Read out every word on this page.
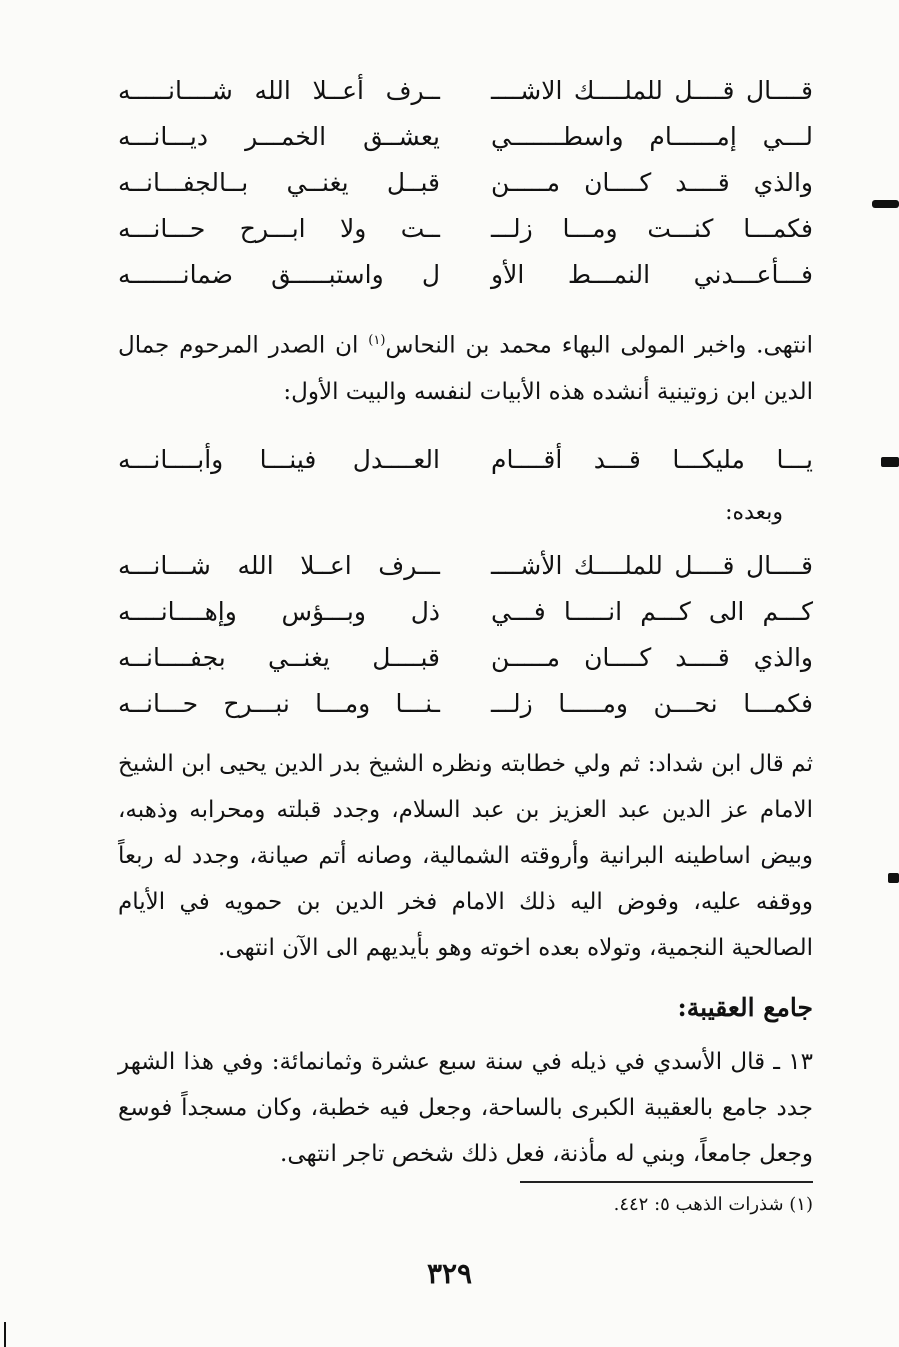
قــــال قــــل للملــــك الاشــــ
ــرف أعــلا الله شــــانـــــه
لـــي إمــــــام واسطـــــــي
يعشــق الخمـــر ديـــانـــه
والذي قــــد كــــان مـــــن
قبــل يغنــي بــالجفـــانــه
فكمـــا كنـــت ومـــا زلـــ
ــت ولا ابـــرح حـــانـــه
فـــأعـــدني النمـــط الأو
ل واستبـــــق ضمانـــــــه

انتهى. واخبر المولى البهاء محمد بن النحاس$^{(١)}$ ان الصدر المرحوم جمال الدين ابن زوتينية أنشده هذه الأبيات لنفسه والبيت الأول:

يـــا مليكـــا قـــد أقــــام
العــــدل فينـــا وأبــــانـــه

وبعده:

قــــال قــــل للملــــك الأشــــ
ـــرف اعــلا الله شـــانـــه
كـــم الى كـــم انـــــا فـــي
ذل وبـــؤس وإهــــانــــه
والذي قــــد كــــان مـــــن
قبــــل يغنــي بجفــــانــه
فكمـــا نحـــن ومـــــا زلـــ
ـنـــا ومـــا نبـــرح حـــانــه

ثم قال ابن شداد: ثم ولي خطابته ونظره الشيخ بدر الدين يحيى ابن الشيخ الامام عز الدين عبد العزيز بن عبد السلام، وجدد قبلته ومحرابه وذهبه، وبيض اساطينه البرانية وأروقته الشمالية، وصانه أتم صيانة، وجدد له ربعاً ووقفه عليه، وفوض اليه ذلك الامام فخر الدين بن حمويه في الأيام الصالحية النجمية، وتولاه بعده اخوته وهو بأيديهم الى الآن انتهى.

جامع العقيبة:

١٣ ـ قال الأسدي في ذيله في سنة سبع عشرة وثمانمائة: وفي هذا الشهر جدد جامع بالعقيبة الكبرى بالساحة، وجعل فيه خطبة، وكان مسجداً فوسع وجعل جامعاً، وبني له مأذنة، فعل ذلك شخص تاجر انتهى.

(١) شذرات الذهب ٥: ٤٤٢.
٣٢٩
